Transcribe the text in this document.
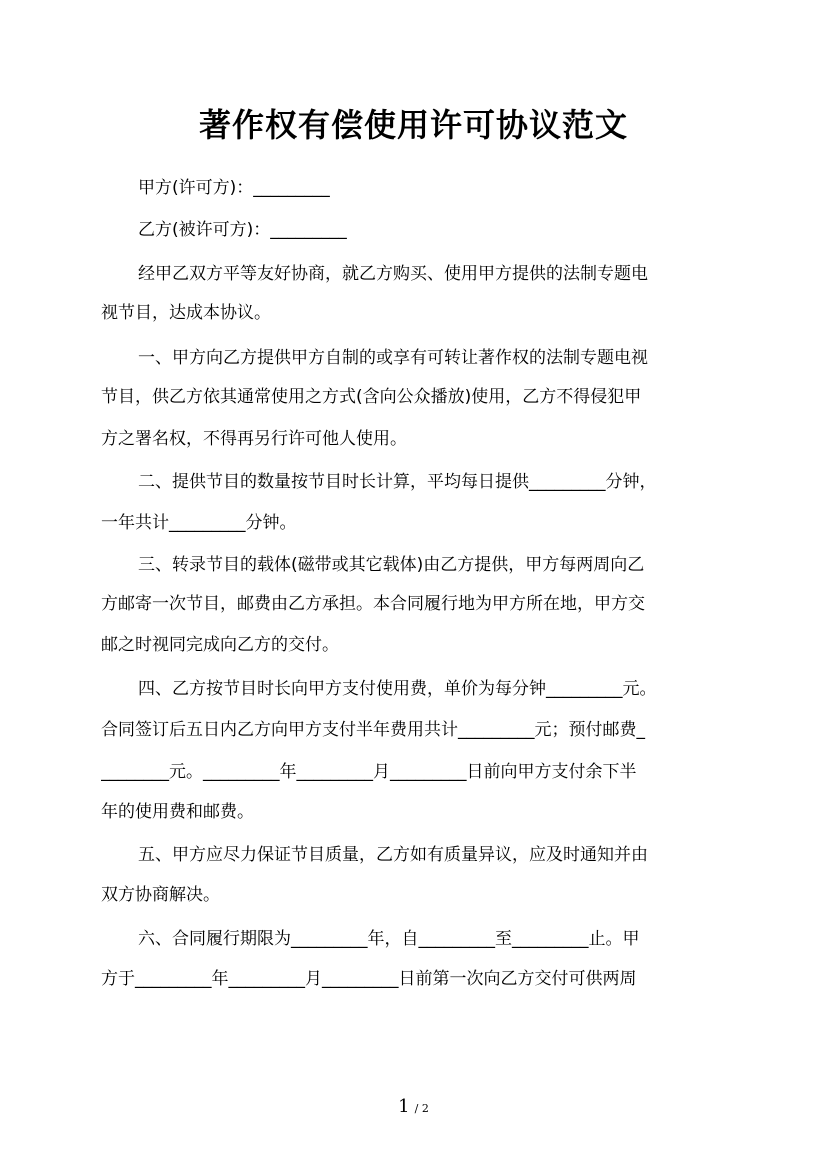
著作权有偿使用许可协议范文
甲方(许可方)：_________
乙方(被许可方)：_________
经甲乙双方平等友好协商，就乙方购买、使用甲方提供的法制专题电
视节目，达成本协议。
一、甲方向乙方提供甲方自制的或享有可转让著作权的法制专题电视
节目，供乙方依其通常使用之方式(含向公众播放)使用，乙方不得侵犯甲
方之署名权，不得再另行许可他人使用。
二、提供节目的数量按节目时长计算，平均每日提供_________分钟，
一年共计_________分钟。
三、转录节目的载体(磁带或其它载体)由乙方提供，甲方每两周向乙
方邮寄一次节目，邮费由乙方承担。本合同履行地为甲方所在地，甲方交
邮之时视同完成向乙方的交付。
四、乙方按节目时长向甲方支付使用费，单价为每分钟_________元。
合同签订后五日内乙方向甲方支付半年费用共计_________元；预付邮费_
________元。_________年_________月_________日前向甲方支付余下半
年的使用费和邮费。
五、甲方应尽力保证节目质量，乙方如有质量异议，应及时通知并由
双方协商解决。
六、合同履行期限为_________年，自_________至_________止。甲
方于_________年_________月_________日前第一次向乙方交付可供两周
1 / 2
